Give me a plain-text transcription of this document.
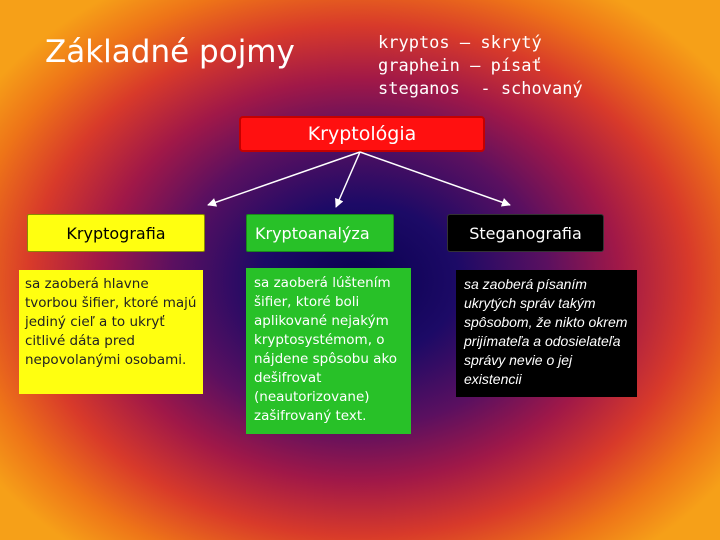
Základné pojmy	kryptos – skrytý
graphein – písať
steganos  - schovaný
Kryptológia
Kryptografia	Kryptoanalýza	Steganografia
sa zaoberá hlavne tvorbou šifier, ktoré majú jediný cieľ a to ukryť citlivé dáta pred nepovolanými osobami.
sa zaoberá lúštením šifier, ktoré boli aplikované nejakým kryptosystémom, o nájdene spôsobu ako dešifrovat (neautorizovane) zašifrovaný text.
sa zaoberá písaním ukrytých správ takým spôsobom, že nikto okrem prijímateľa a odosielateľa správy nevie o jej existencii
